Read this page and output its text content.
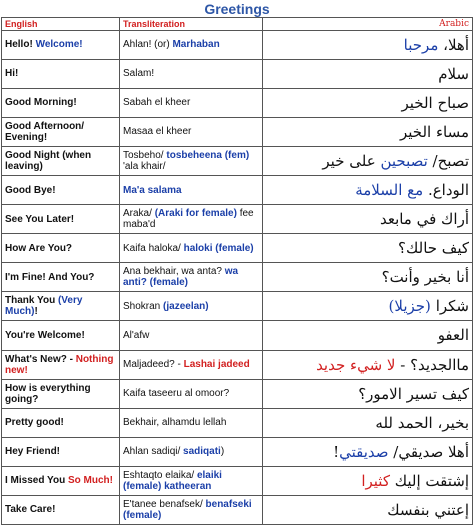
Greetings
English	Transliteration	Arabic
Hello! Welcome!	Ahlan! (or) Marhaban	أهلا، مرحبا
Hi!	Salam!	سلام
Good Morning!	Sabah el kheer	صباح الخير
Good Afternoon/ Evening!	Masaa el kheer	مساء الخير
Good Night (when leaving)	Tosbeho/ tosbeheena (fem) 'ala khair/	تصبح/ تصبحين على خير
Good Bye!	Ma'a salama	الوداع. مع السلامة
See You Later!	Araka/ (Araki for female) fee maba'd	أراك في مابعد
How Are You?	Kaifa haloka/ haloki (female)	كيف حالك؟
I'm Fine! And You?	Ana bekhair, wa anta? wa anti? (female)	أنا بخير وأنت؟
Thank You (Very Much)!	Shokran (jazeelan)	شكرا (جزيلا)
You're Welcome!	Al'afw	العفو
What's New? - Nothing new!	Maljadeed? - Lashai jadeed	ماالجديد؟ - لا شيء جديد
How is everything going?	Kaifa taseeru al omoor?	كيف تسير الامور؟
Pretty good!	Bekhair, alhamdu lellah	بخير، الحمد لله
Hey Friend!	Ahlan sadiqi/ sadiqati)	أهلا صديقي/ صديقتي!
I Missed You So Much!	Eshtaqto elaika/ elaiki (female) katheeran	إشتقت إليك كثيرا
Take Care!	E'tanee benafsek/ benafseki (female)	إعتني بنفسك
